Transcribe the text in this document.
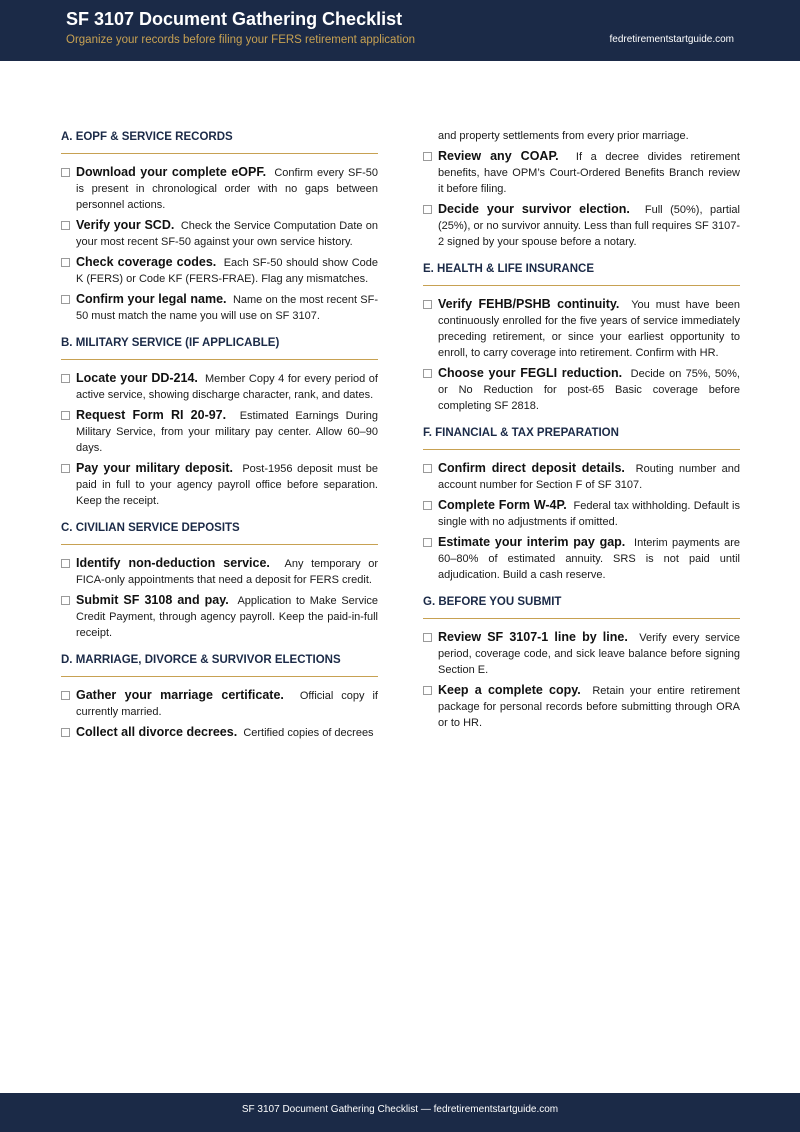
SF 3107 Document Gathering Checklist
Organize your records before filing your FERS retirement application	fedretirementstartguide.com
A. EOPF & SERVICE RECORDS
Download your complete eOPF. Confirm every SF-50 is present in chronological order with no gaps between personnel actions.
Verify your SCD. Check the Service Computation Date on your most recent SF-50 against your own service history.
Check coverage codes. Each SF-50 should show Code K (FERS) or Code KF (FERS-FRAE). Flag any mismatches.
Confirm your legal name. Name on the most recent SF-50 must match the name you will use on SF 3107.
B. MILITARY SERVICE (IF APPLICABLE)
Locate your DD-214. Member Copy 4 for every period of active service, showing discharge character, rank, and dates.
Request Form RI 20-97. Estimated Earnings During Military Service, from your military pay center. Allow 60–90 days.
Pay your military deposit. Post-1956 deposit must be paid in full to your agency payroll office before separation. Keep the receipt.
C. CIVILIAN SERVICE DEPOSITS
Identify non-deduction service. Any temporary or FICA-only appointments that need a deposit for FERS credit.
Submit SF 3108 and pay. Application to Make Service Credit Payment, through agency payroll. Keep the paid-in-full receipt.
D. MARRIAGE, DIVORCE & SURVIVOR ELECTIONS
Gather your marriage certificate. Official copy if currently married.
Collect all divorce decrees. Certified copies of decrees
and property settlements from every prior marriage.
Review any COAP. If a decree divides retirement benefits, have OPM’s Court-Ordered Benefits Branch review it before filing.
Decide your survivor election. Full (50%), partial (25%), or no survivor annuity. Less than full requires SF 3107-2 signed by your spouse before a notary.
E. HEALTH & LIFE INSURANCE
Verify FEHB/PSHB continuity. You must have been continuously enrolled for the five years of service immediately preceding retirement, or since your earliest opportunity to enroll, to carry coverage into retirement. Confirm with HR.
Choose your FEGLI reduction. Decide on 75%, 50%, or No Reduction for post-65 Basic coverage before completing SF 2818.
F. FINANCIAL & TAX PREPARATION
Confirm direct deposit details. Routing number and account number for Section F of SF 3107.
Complete Form W-4P. Federal tax withholding. Default is single with no adjustments if omitted.
Estimate your interim pay gap. Interim payments are 60–80% of estimated annuity. SRS is not paid until adjudication. Build a cash reserve.
G. BEFORE YOU SUBMIT
Review SF 3107-1 line by line. Verify every service period, coverage code, and sick leave balance before signing Section E.
Keep a complete copy. Retain your entire retirement package for personal records before submitting through ORA or to HR.
SF 3107 Document Gathering Checklist — fedretirementstartguide.com
